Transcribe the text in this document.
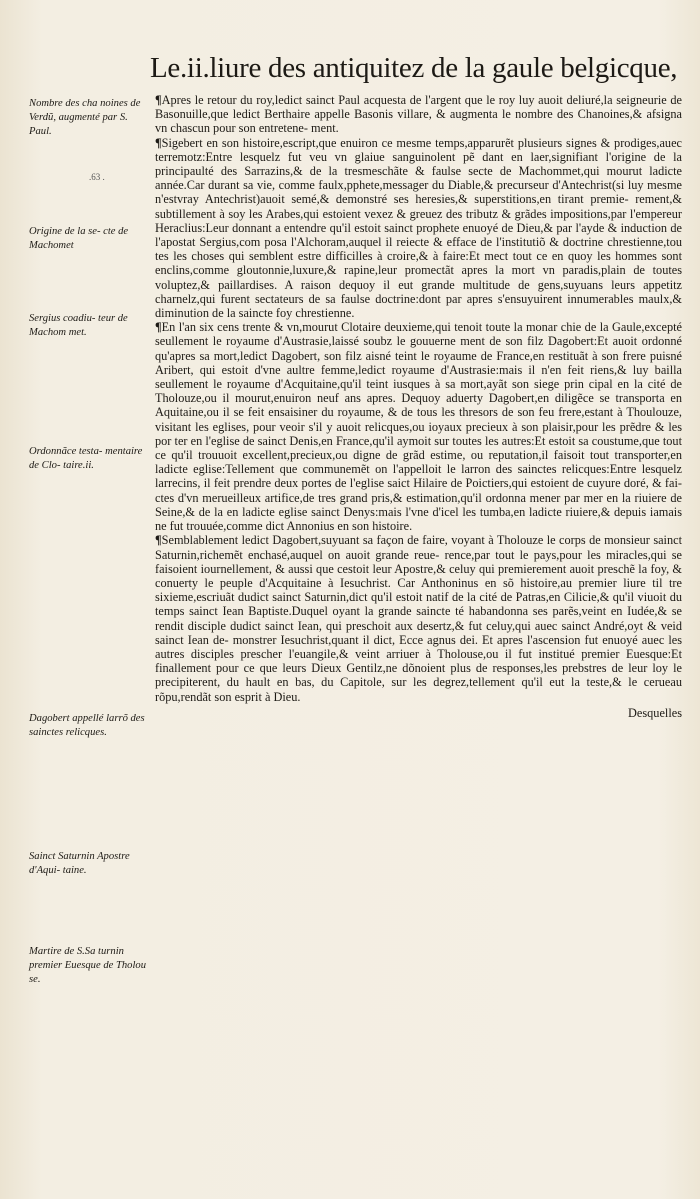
Le.ii.liure des antiquitez de la gaule belgicque,
Nombre des cha noines de Verdũ, augmenté par S. Paul.
.63 .
Origine de la se- cte de Machomet
Sergius coadiu- teur de Machom met.
Ordonnãce testa- mentaire de Clo- taire.ii.
Dagobert appellé larrõ des sainctes relicques.
Sainct Saturnin Apostre d'Aqui- taine.
Martire de S.Sa turnin premier Euesque de Tholou se.

¶Apres le retour du roy,ledict sainct Paul acquesta de l'argent que le roy luy auoit deliuré,la seigneurie de Basonuille,que ledict Berthaire appelle Basonis villare, & augmenta le nombre des Chanoines,& afsigna vn chascun pour son entretene- ment.

¶Sigebert en son histoire,escript,que enuiron ce mesme temps,apparurẽt plusieurs signes & prodiges,auec terremotz:Entre lesquelz fut veu vn glaiue sanguinolent pẽ dant en laer,signifiant l'origine de la principaulté des Sarrazins,& de la tresmeschãte & faulse secte de Machommet,qui mourut ladicte année.Car durant sa vie, comme faulx,pphete,messager du Diable,& precurseur d'Antechrist(si luy mesme n'estvray Antechrist)auoit semé,& demonstré ses heresies,& superstitions,en tirant premie- rement,& subtillement à soy les Arabes,qui estoient vexez & greuez des tributz & grãdes impositions,par l'empereur Heraclius:Leur donnant a entendre qu'il estoit sainct prophete enuoyé de Dieu,& par l'ayde & induction de l'apostat Sergius,com posa l'Alchoram,auquel il reiecte & efface de l'institutiõ & doctrine chrestienne,tou tes les choses qui semblent estre difficilles à croire,& à faire:Et mect tout ce en quoy les hommes sont enclins,comme gloutonnie,luxure,& rapine,leur promectãt apres la mort vn paradis,plain de toutes voluptez,& paillardises. A raison dequoy il eut grande multitude de gens,suyuans leurs appetitz charnelz,qui furent sectateurs de sa faulse doctrine:dont par apres s'ensuyuirent innumerables maulx,& diminution de la saincte foy chrestienne.

¶En l'an six cens trente & vn,mourut Clotaire deuxieme,qui tenoit toute la monar chie de la Gaule,excepté seullement le royaume d'Austrasie,laissé soubz le gouuerne ment de son filz Dagobert:Et auoit ordonné qu'apres sa mort,ledict Dagobert, son filz aisné teint le royaume de France,en restituãt à son frere puisné Aribert, qui estoit d'vne aultre femme,ledict royaume d'Austrasie:mais il n'en feit riens,& luy bailla seullement le royaume d'Acquitaine,qu'il teint iusques à sa mort,ayãt son siege prin cipal en la cité de Tholouze,ou il mourut,enuiron neuf ans apres. Dequoy aduerty Dagobert,en diligẽce se transporta en Aquitaine,ou il se feit ensaisiner du royaume, & de tous les thresors de son feu frere,estant à Thoulouze, visitant les eglises, pour veoir s'il y auoit relicques,ou ioyaux precieux à son plaisir,pour les prẽdre & les por ter en l'eglise de sainct Denis,en France,qu'il aymoit sur toutes les autres:Et estoit sa coustume,que tout ce qu'il trouuoit excellent,precieux,ou digne de grãd estime, ou reputation,il faisoit tout transporter,en ladicte eglise:Tellement que communemẽt on l'appelloit le larron des sainctes relicques:Entre lesquelz larrecins, il feit prendre deux portes de l'eglise saict Hilaire de Poictiers,qui estoient de cuyure doré, & fai- ctes d'vn merueilleux artifice,de tres grand pris,& estimation,qu'il ordonna mener par mer en la riuiere de Seine,& de la en ladicte eglise sainct Denys:mais l'vne d'icel les tumba,en ladicte riuiere,& depuis iamais ne fut trouuée,comme dict Annonius en son histoire.

¶Semblablement ledict Dagobert,suyuant sa façon de faire, voyant à Tholouze le corps de monsieur sainct Saturnin,richemẽt enchasé,auquel on auoit grande reue- rence,par tout le pays,pour les miracles,qui se faisoient iournellement, & aussi que cestoit leur Apostre,& celuy qui premierement auoit preschẽ la foy, & conuerty le peuple d'Acquitaine à Iesuchrist. Car Anthoninus en sõ histoire,au premier liure til tre sixieme,escriuãt dudict sainct Saturnin,dict qu'il estoit natif de la cité de Patras,en Cilicie,& qu'il viuoit du temps sainct Iean Baptiste.Duquel oyant la grande saincte té habandonna ses parẽs,veint en Iudée,& se rendit disciple dudict sainct Iean, qui preschoit aux desertz,& fut celuy,qui auec sainct André,oyt & veid sainct Iean de- monstrer Iesuchrist,quant il dict, Ecce agnus dei. Et apres l'ascension fut enuoyé auec les autres disciples prescher l'euangile,& veint arriuer à Tholouse,ou il fut institué premier Euesque:Et finallement pour ce que leurs Dieux Gentilz,ne dõnoient plus de responses,les prebstres de leur loy le precipiterent, du hault en bas, du Capitole, sur les degrez,tellement qu'il eut la teste,& le cerueau rõpu,rendãt son esprit à Dieu.

Desquelles
